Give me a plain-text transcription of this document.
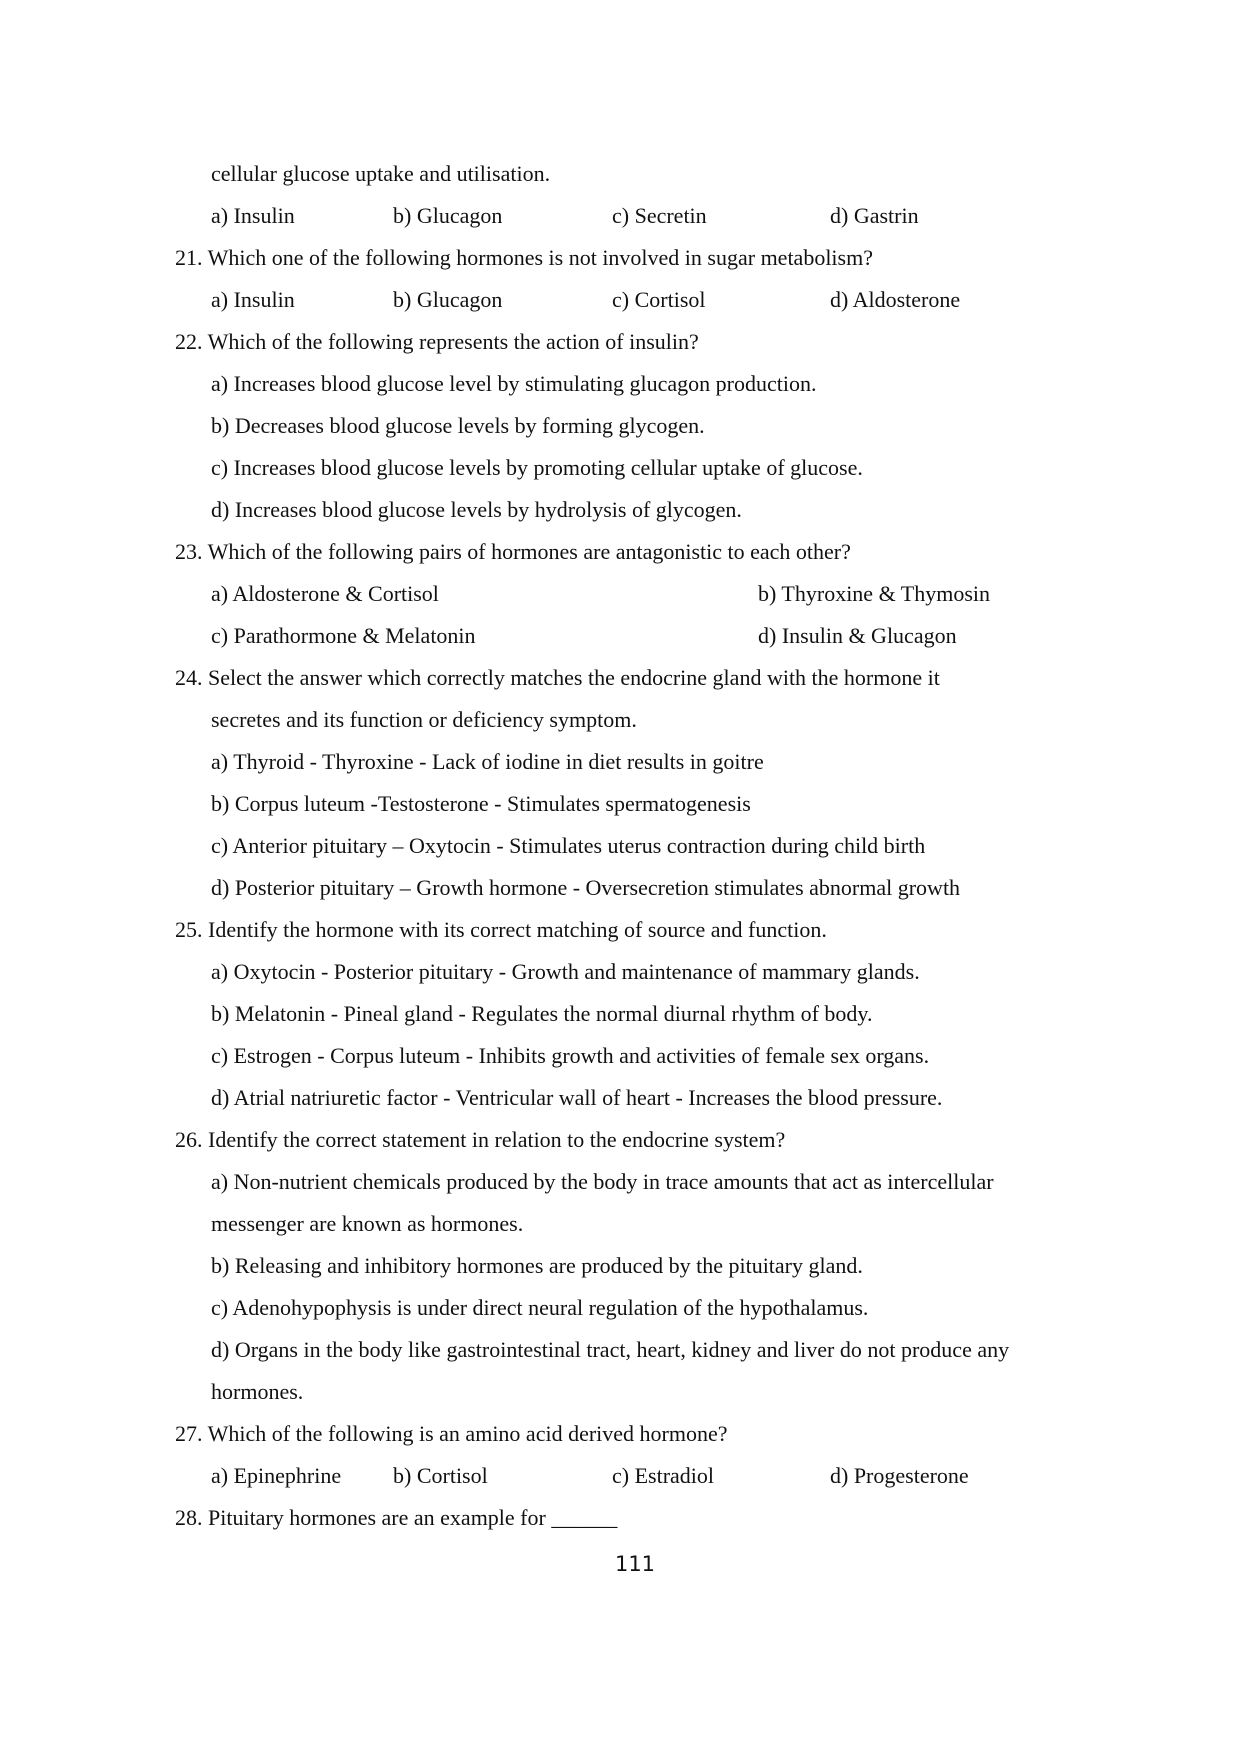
cellular glucose uptake and utilisation.
a) Insulin	b) Glucagon	c) Secretin	d) Gastrin
21. Which one of the following hormones is not involved in sugar metabolism?
a) Insulin	b) Glucagon	c) Cortisol	d) Aldosterone
22. Which of the following represents the action of insulin?
a) Increases blood glucose level by stimulating glucagon production.
b) Decreases blood glucose levels by forming glycogen.
c) Increases blood glucose levels by promoting cellular uptake of glucose.
d) Increases blood glucose levels by hydrolysis of glycogen.
23. Which of the following pairs of hormones are antagonistic to each other?
a) Aldosterone & Cortisol	b) Thyroxine & Thymosin
c) Parathormone & Melatonin	d) Insulin & Glucagon
24. Select the answer which correctly matches the endocrine gland with the hormone it
secretes and its function or deficiency symptom.
a) Thyroid - Thyroxine - Lack of iodine in diet results in goitre
b) Corpus luteum -Testosterone - Stimulates spermatogenesis
c) Anterior pituitary – Oxytocin - Stimulates uterus contraction during child birth
d) Posterior pituitary – Growth hormone - Oversecretion stimulates abnormal growth
25. Identify the hormone with its correct matching of source and function.
a) Oxytocin - Posterior pituitary - Growth and maintenance of mammary glands.
b) Melatonin - Pineal gland - Regulates the normal diurnal rhythm of body.
c) Estrogen - Corpus luteum - Inhibits growth and activities of female sex organs.
d) Atrial natriuretic factor - Ventricular wall of heart - Increases the blood pressure.
26. Identify the correct statement in relation to the endocrine system?
a) Non-nutrient chemicals produced by the body in trace amounts that act as intercellular
messenger are known as hormones.
b) Releasing and inhibitory hormones are produced by the pituitary gland.
c) Adenohypophysis is under direct neural regulation of the hypothalamus.
d) Organs in the body like gastrointestinal tract, heart, kidney and liver do not produce any
hormones.
27. Which of the following is an amino acid derived hormone?
a) Epinephrine b) Cortisol	c) Estradiol	d) Progesterone
28. Pituitary hormones are an example for ______
111
